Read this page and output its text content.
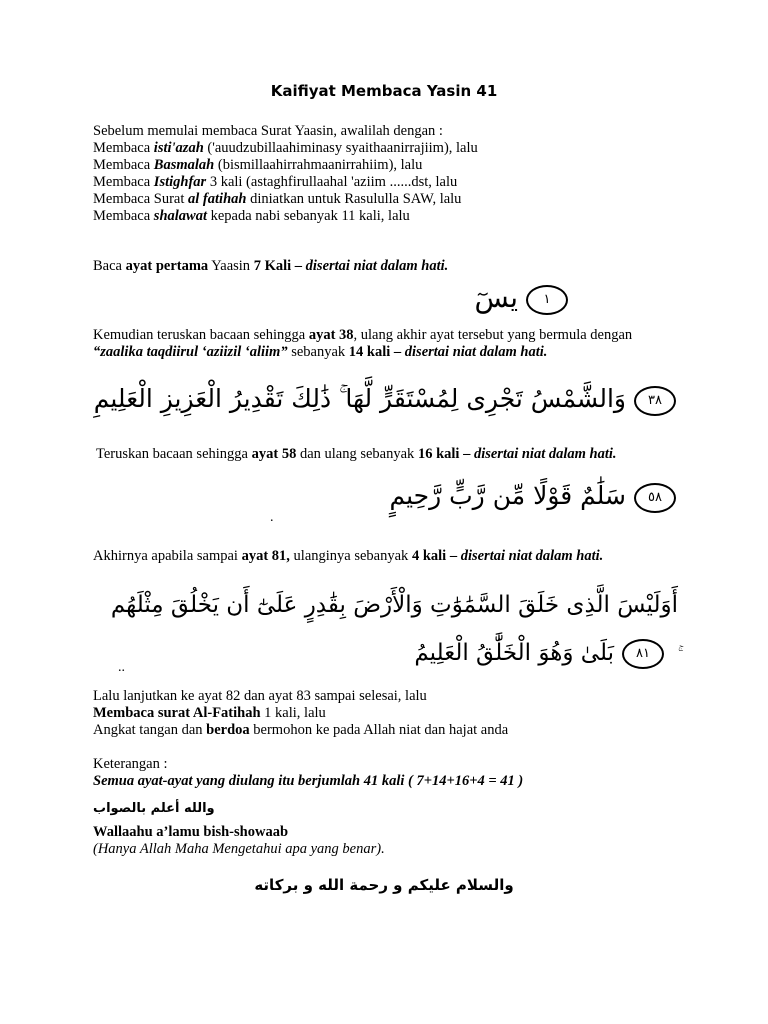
Kaifiyat Membaca Yasin 41

Sebelum memulai membaca Surat Yaasin, awalilah dengan :

Membaca isti'azah ('auudzubillaahiminasy syaithaanirrajiim), lalu

Membaca Basmalah (bismillaahirrahmaanirrahiim), lalu

Membaca Istighfar 3 kali (astaghfirullaahal 'aziim ......dst, lalu

Membaca Surat al fatihah diniatkan untuk Rasululla SAW, lalu

Membaca shalawat kepada nabi sebanyak 11 kali, lalu

Baca ayat pertama Yaasin 7 Kali – disertai niat dalam hati.

١يسٓ

Kemudian teruskan bacaan sehingga ayat 38, ulang akhir ayat tersebut yang bermula dengan

“zaalika taqdiirul ‘aziizil ‘aliim” sebanyak 14 kali – disertai niat dalam hati.

٣٨وَالشَّمْسُ تَجْرِى لِمُسْتَقَرٍّ لَّهَا ۚ ذَٰلِكَ تَقْدِيرُ الْعَزِيزِ الْعَلِيمِ

Teruskan bacaan sehingga ayat 58 dan ulang sebanyak 16 kali – disertai niat dalam hati.

٥٨سَلَٰمٌ قَوْلًا مِّن رَّبٍّ رَّحِيمٍ
.

Akhirnya apabila sampai ayat 81, ulanginya sebanyak 4 kali – disertai niat dalam hati.

أَوَلَيْسَ الَّذِى خَلَقَ السَّمَٰوَٰتِ وَالْأَرْضَ بِقَٰدِرٍ عَلَىٰٓ أَن يَخْلُقَ مِثْلَهُم
٨١بَلَىٰ وَهُوَ الْخَلَّٰقُ الْعَلِيمُ
..

Lalu lanjutkan ke ayat 82 dan ayat 83 sampai selesai, lalu

Membaca surat Al-Fatihah 1 kali, lalu

Angkat tangan dan berdoa bermohon ke pada Allah niat dan hajat anda

Keterangan :

Semua ayat-ayat yang diulang itu berjumlah 41 kali ( 7+14+16+4 = 41 )

والله أعلم بالصواب

Wallaahu a’lamu bish-showaab

(Hanya Allah Maha Mengetahui apa yang benar).

والسلام عليكم و رحمة الله و بركاته
